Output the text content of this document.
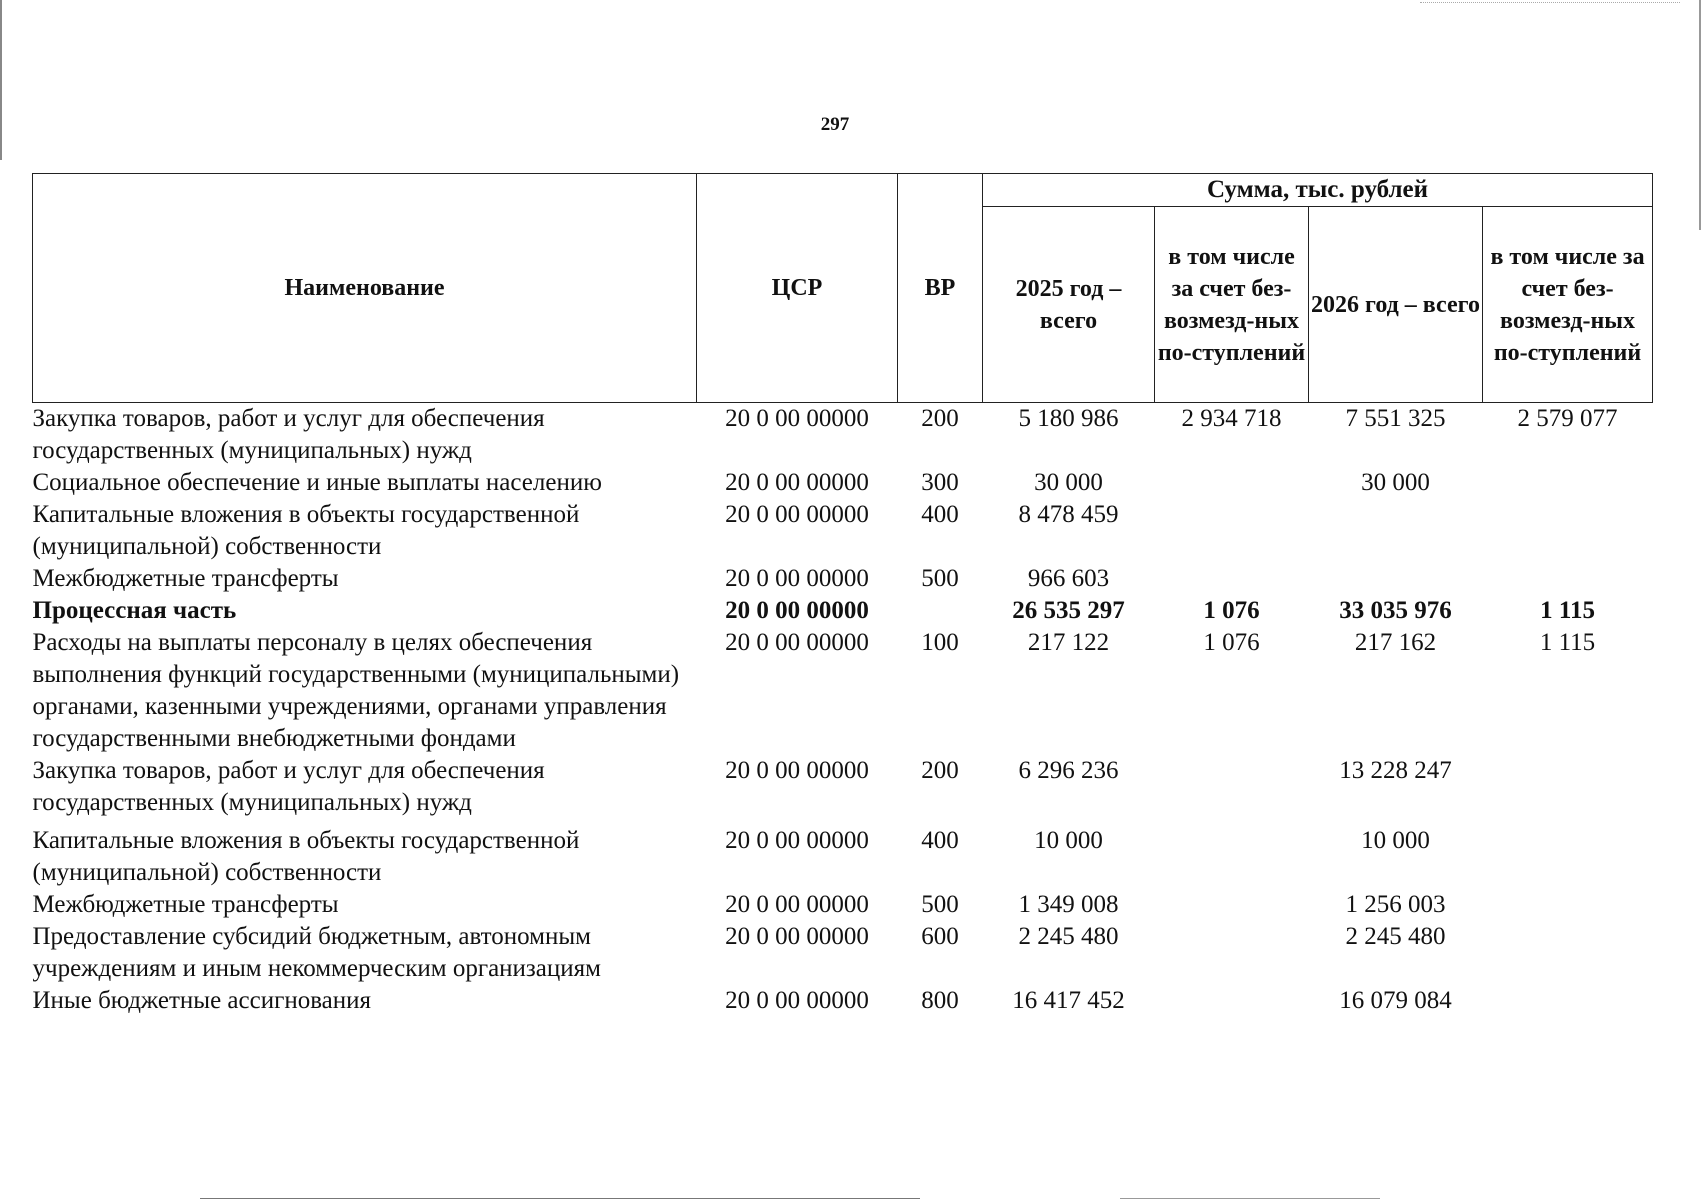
297
Наименование	ЦСР	ВР	Сумма, тыс. рублей			
			2025 год – всего	в том числе за счет без-возмезд-ных по-ступлений	2026 год – всего	в том числе за счет без-возмезд-ных по-ступлений
Закупка товаров, работ и услуг для обеспечения государственных (муниципальных) нужд	20 0 00 00000	200	5 180 986	2 934 718	7 551 325	2 579 077
Социальное обеспечение и иные выплаты населению	20 0 00 00000	300	30 000		30 000	
Капитальные вложения в объекты государственной (муниципальной) собственности	20 0 00 00000	400	8 478 459			
Межбюджетные трансферты	20 0 00 00000	500	966 603			
Процессная часть	20 0 00 00000		26 535 297	1 076	33 035 976	1 115
Расходы на выплаты персоналу в целях обеспечения выполнения функций государственными (муниципальными) органами, казенными учреждениями, органами управления государственными внебюджетными фондами	20 0 00 00000	100	217 122	1 076	217 162	1 115
Закупка товаров, работ и услуг для обеспечения государственных (муниципальных) нужд	20 0 00 00000	200	6 296 236		13 228 247	
Капитальные вложения в объекты государственной (муниципальной) собственности	20 0 00 00000	400	10 000		10 000	
Межбюджетные трансферты	20 0 00 00000	500	1 349 008		1 256 003	
Предоставление субсидий бюджетным, автономным учреждениям и иным некоммерческим организациям	20 0 00 00000	600	2 245 480		2 245 480	
Иные бюджетные ассигнования	20 0 00 00000	800	16 417 452		16 079 084	
